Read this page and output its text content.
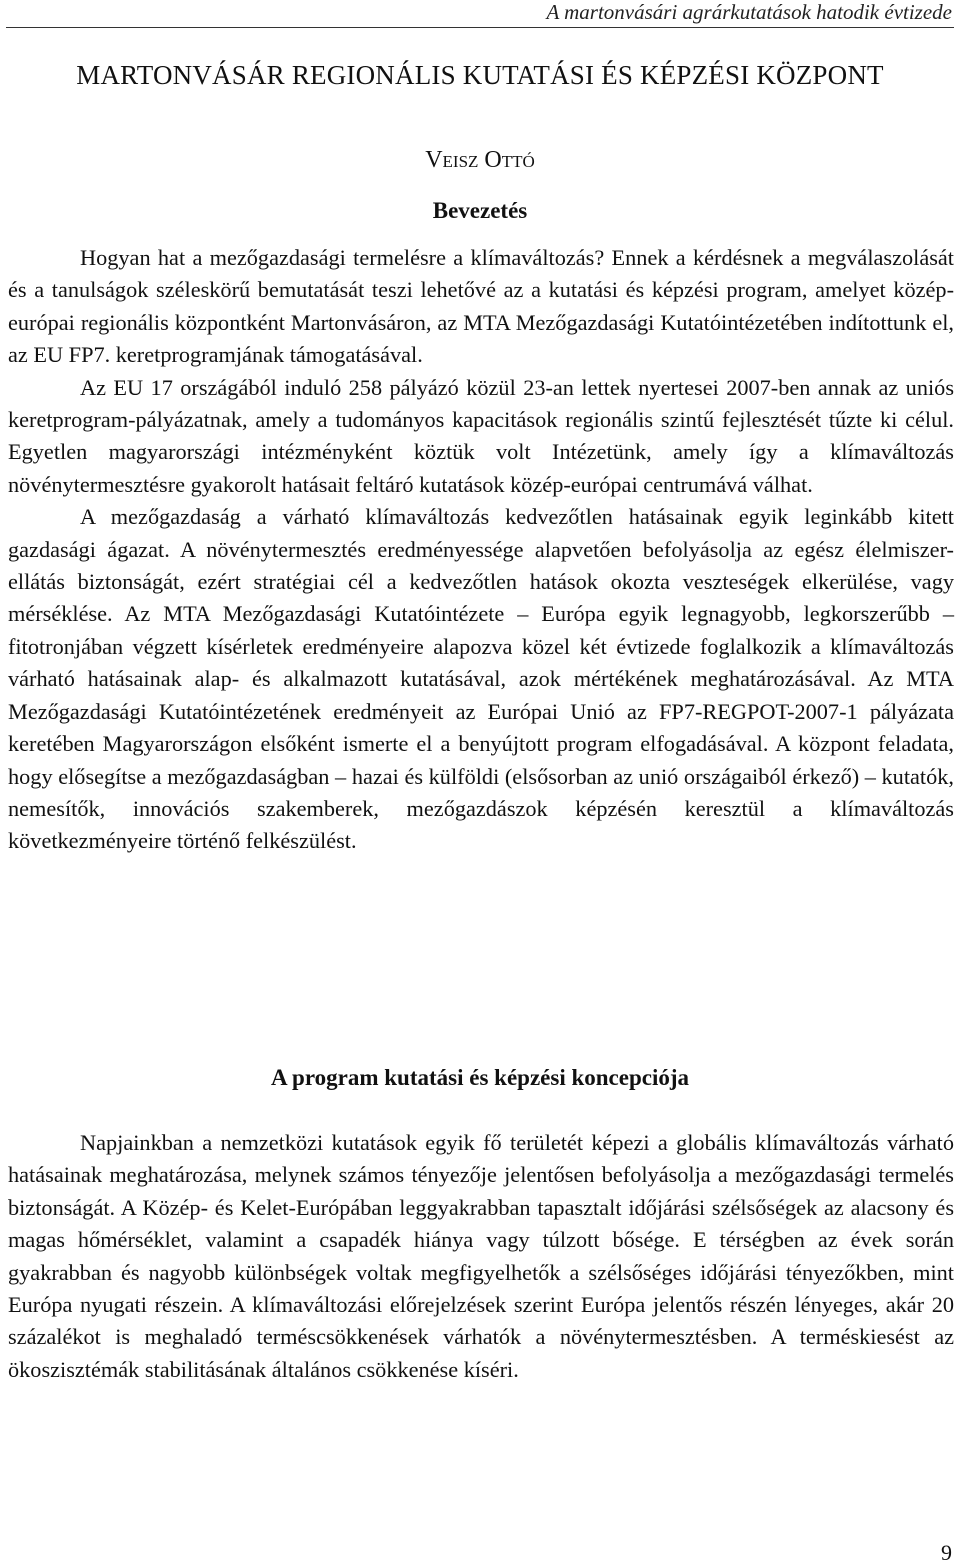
A martonvásári agrárkutatások hatodik évtizede
MARTONVÁSÁR REGIONÁLIS KUTATÁSI ÉS KÉPZÉSI KÖZPONT
Veisz Ottó
Bevezetés

Hogyan hat a mezőgazdasági termelésre a klímaváltozás? Ennek a kérdésnek a megválaszolását és a tanulságok széleskörű bemutatását teszi lehetővé az a kutatási és képzési program, amelyet közép-európai regionális központként Martonvásáron, az MTA Mezőgazdasági Kutatóintézetében indítottunk el, az EU FP7. keretprogramjának támogatásával.

Az EU 17 országából induló 258 pályázó közül 23-an lettek nyertesei 2007-ben annak az uniós keretprogram-pályázatnak, amely a tudományos kapacitások regionális szintű fejlesztését tűzte ki célul. Egyetlen magyarországi intézményként köztük volt Intézetünk, amely így a klímaváltozás növénytermesztésre gyakorolt hatásait feltáró kutatások közép-európai centrumává válhat.

A mezőgazdaság a várható klímaváltozás kedvezőtlen hatásainak egyik leginkább kitett gazdasági ágazat. A növénytermesztés eredményessége alapvetően befolyásolja az egész élelmiszer-ellátás biztonságát, ezért stratégiai cél a kedvezőtlen hatások okozta veszteségek elkerülése, vagy mérséklése. Az MTA Mezőgazdasági Kutatóintézete – Európa egyik legnagyobb, legkorszerűbb – fitotronjában végzett kísérletek eredményeire alapozva közel két évtizede foglalkozik a klímaváltozás várható hatásainak alap- és alkalmazott kutatásával, azok mértékének meghatározásával. Az MTA Mezőgazdasági Kutatóintézetének eredményeit az Európai Unió az FP7-REGPOT-2007-1 pályázata keretében Magyarországon elsőként ismerte el a benyújtott program elfogadásával. A központ feladata, hogy elősegítse a mezőgazdaságban – hazai és külföldi (elsősorban az unió országaiból érkező) – kutatók, nemesítők, innovációs szakemberek, mezőgazdászok képzésén keresztül a klímaváltozás következményeire történő felkészülést.

A program kutatási és képzési koncepciója

Napjainkban a nemzetközi kutatások egyik fő területét képezi a globális klímaváltozás várható hatásainak meghatározása, melynek számos tényezője jelentősen befolyásolja a mezőgazdasági termelés biztonságát. A Közép- és Kelet-Európában leggyakrabban tapasztalt időjárási szélsőségek az alacsony és magas hőmérséklet, valamint a csapadék hiánya vagy túlzott bősége. E térségben az évek során gyakrabban és nagyobb különbségek voltak megfigyelhetők a szélsőséges időjárási tényezőkben, mint Európa nyugati részein. A klímaváltozási előrejelzések szerint Európa jelentős részén lényeges, akár 20 százalékot is meghaladó terméscsökkenések várhatók a növénytermesztésben. A terméskiesést az ökoszisztémák stabilitásának általános csökkenése kíséri.

9
